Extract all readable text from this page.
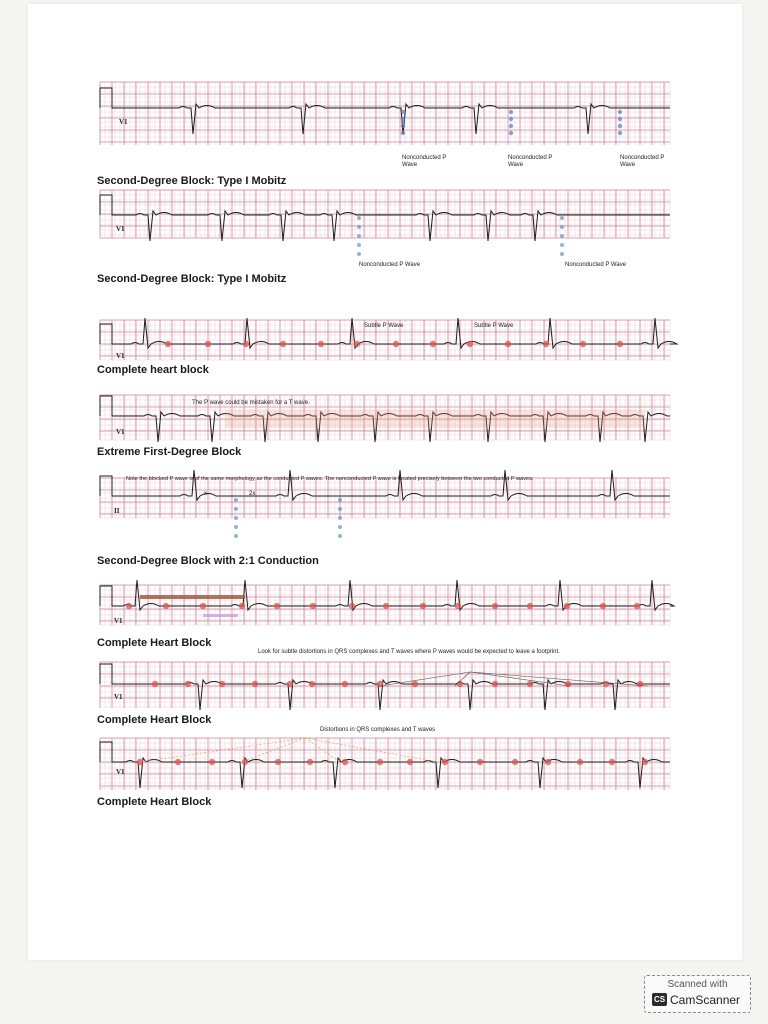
Second-Degree Block: Type I Mobitz
V1
Nonconducted P Wave
Nonconducted P Wave
Nonconducted P Wave
Second-Degree Block: Type I Mobitz
V1
Nonconducted P Wave	Nonconducted P Wave
Complete heart block
V1
Subtle P Wave	Subtle P Wave
Extreme First-Degree Block
V1
The P wave could be mistaken for a T wave.
Second-Degree Block with 2:1 Conduction
II
Note the blocked P wave is of the same morphology as the conducted P waves. The nonconducted P wave is located precisely between the two conducted P waves.
x	2x
Complete Heart Block
V1
Complete Heart Block
V1
Look for subtle distortions in QRS complexes and T waves where P waves would be expected to leave a footprint.
Complete Heart Block
V1
Distortions in QRS complexes and T waves
Scanned with
CS CamScanner
